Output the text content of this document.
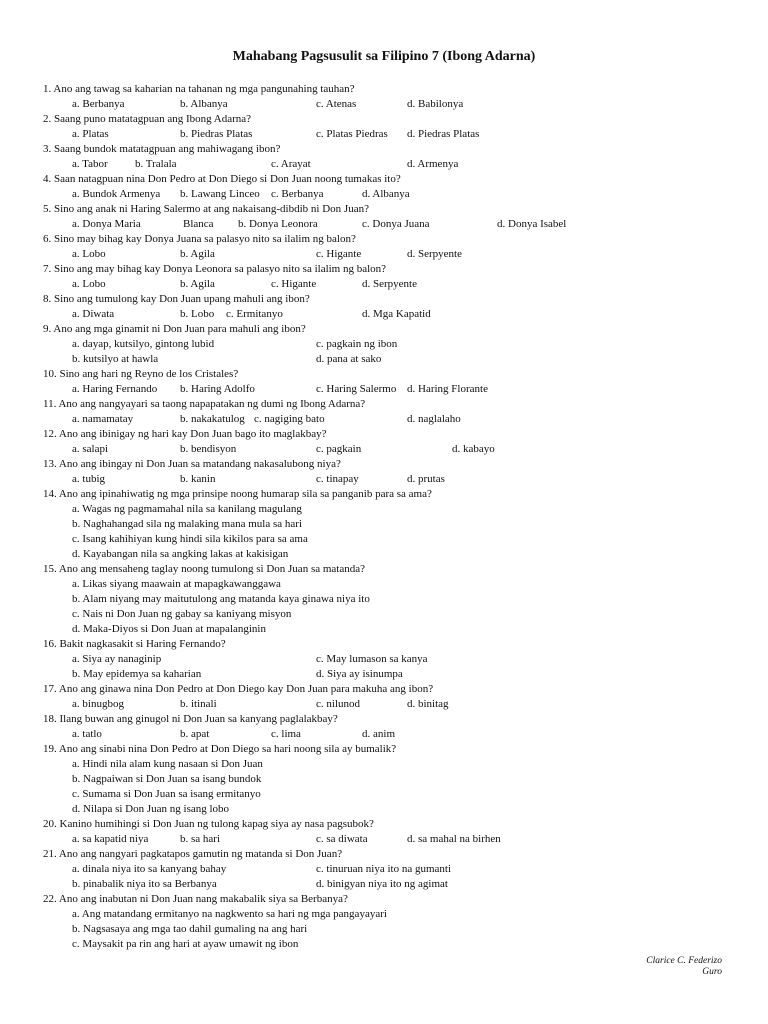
Mahabang Pagsusulit sa Filipino 7 (Ibong Adarna)
1. Ano ang tawag sa kaharian na tahanan ng mga pangunahing tauhan?
a. Berbanya	b. Albanya	c. Atenas	d. Babilonya
2. Saang puno matatagpuan ang Ibong Adarna?
a. Platas	b. Piedras Platas	c. Platas Piedras d. Piedras Platas
3. Saang bundok matatagpuan ang mahiwagang ibon?
a. Tabor b. Tralala	c. Arayat	d. Armenya
4. Saan natagpuan nina Don Pedro at Don Diego si Don Juan noong tumakas ito?
a. Bundok Armenya b. Lawang Linceo c. Berbanya	d. Albanya
5. Sino ang anak ni Haring Salermo at ang nakaisang-dibdib ni Don Juan?
a. Donya Maria	Blanca b. Donya Leonora	c. Donya Juana	d. Donya Isabel
6. Sino may bihag kay Donya Juana sa palasyo nito sa ilalim ng balon?
a. Lobo	b. Agila	c. Higante	d. Serpyente
7. Sino ang may bihag kay Donya Leonora sa palasyo nito sa ilalim ng balon?
a. Lobo	b. Agila	c. Higante	d. Serpyente
8. Sino ang tumulong kay Don Juan upang mahuli ang ibon?
a. Diwata	b. Lobo c. Ermitanyo	d. Mga Kapatid
9. Ano ang mga ginamit ni Don Juan para mahuli ang ibon?
a. dayap, kutsilyo, gintong lubid	c. pagkain ng ibon
b. kutsilyo at hawla	d. pana at sako
10. Sino ang hari ng Reyno de los Cristales?
a. Haring Fernando b. Haring Adolfo	c. Haring Salermo d. Haring Florante
11. Ano ang nangyayari sa taong napapatakan ng dumi ng Ibong Adarna?
a. namamatay	b. nakakatulog c. nagiging bato	d. naglalaho
12. Ano ang ibinigay ng hari kay Don Juan bago ito maglakbay?
a. salapi	b. bendisyon	c. pagkain	d. kabayo
13. Ano ang ibingay ni Don Juan sa matandang nakasalubong niya?
a. tubig	b. kanin	c. tinapay	d. prutas
14. Ano ang ipinahiwatig ng mga prinsipe noong humarap sila sa panganib para sa ama?
a. Wagas ng pagmamahal nila sa kanilang magulang
b. Naghahangad sila ng malaking mana mula sa hari
c. Isang kahihiyan kung hindi sila kikilos para sa ama
d. Kayabangan nila sa angking lakas at kakisigan
15. Ano ang mensaheng taglay noong tumulong si Don Juan sa matanda?
a. Likas siyang maawain at mapagkawanggawa
b. Alam niyang may maitutulong ang matanda kaya ginawa niya ito
c. Nais ni Don Juan ng gabay sa kaniyang misyon
d. Maka-Diyos si Don Juan at mapalanginin
16. Bakit nagkasakit si Haring Fernando?
a. Siya ay nanaginip	c. May lumason sa kanya
b. May epidemya sa kaharian	d. Siya ay isinumpa
17. Ano ang ginawa nina Don Pedro at Don Diego kay Don Juan para makuha ang ibon?
a. binugbog	b. itinali	c. nilunod	d. binitag
18. Ilang buwan ang ginugol ni Don Juan sa kanyang paglalakbay?
a. tatlo	b. apat	c. lima	d. anim
19. Ano ang sinabi nina Don Pedro at Don Diego sa hari noong sila ay bumalik?
a. Hindi nila alam kung nasaan si Don Juan
b. Nagpaiwan si Don Juan sa isang bundok
c. Sumama si Don Juan sa isang ermitanyo
d. Nilapa si Don Juan ng isang lobo
20. Kanino humihingi si Don Juan ng tulong kapag siya ay nasa pagsubok?
a. sa kapatid niya	b. sa hari	c. sa diwata	d. sa mahal na birhen
21. Ano ang nangyari pagkatapos gamutin ng matanda si Don Juan?
a. dinala niya ito sa kanyang bahay	c. tinuruan niya ito na gumanti
b. pinabalik niya ito sa Berbanya	d. binigyan niya ito ng agimat
22. Ano ang inabutan ni Don Juan nang makabalik siya sa Berbanya?
a. Ang matandang ermitanyo na nagkwento sa hari ng mga pangayayari
b. Nagsasaya ang mga tao dahil gumaling na ang hari
c. Maysakit pa rin ang hari at ayaw umawit ng ibon
Clarice C. Federizo
Guro
